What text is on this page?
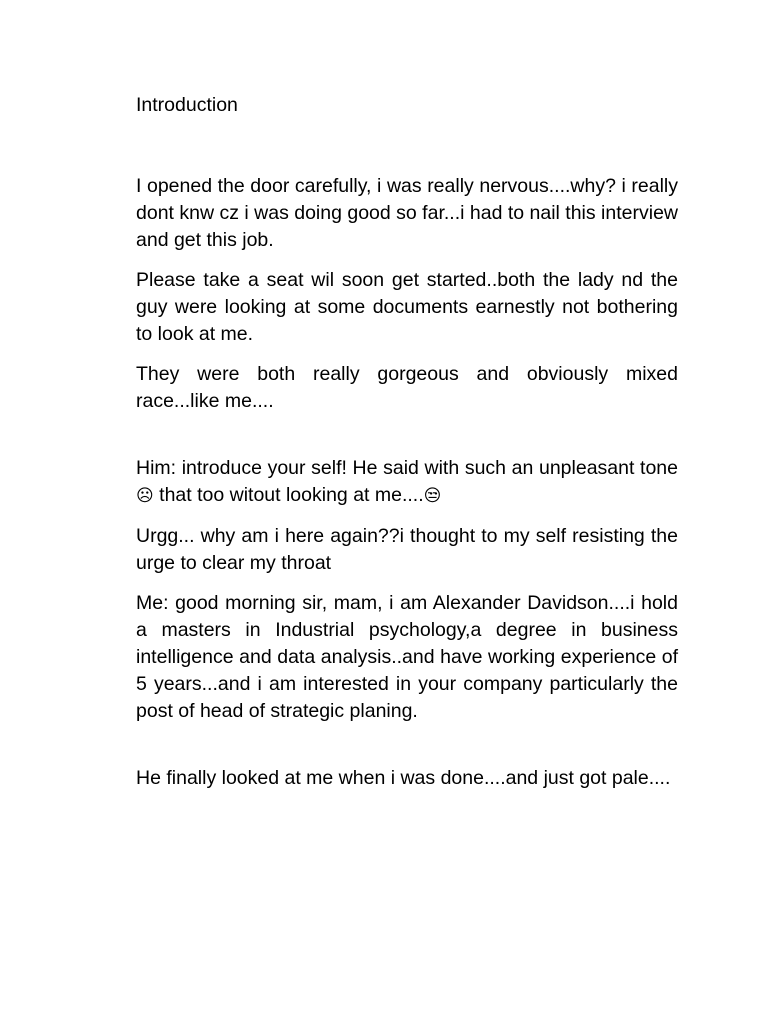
Introduction

I opened the door carefully, i was really nervous....why? i really dont knw cz i was doing good so far...i had to nail this interview and get this job.

Please take a seat wil soon get started..both the lady nd the guy were looking at some documents earnestly not bothering to look at me.

They were both really gorgeous and obviously mixed race...like me....

Him: introduce your self! He said with such an unpleasant tone☹ that too witout looking at me....😒

Urgg... why am i here again??i thought to my self resisting the urge to clear my throat

Me: good morning sir, mam, i am Alexander Davidson....i hold a masters in Industrial psychology,a degree in business intelligence and data analysis..and have working experience of 5 years...and i am interested in your company particularly the post of head of strategic planing.

He finally looked at me when i was done....and just got pale....
